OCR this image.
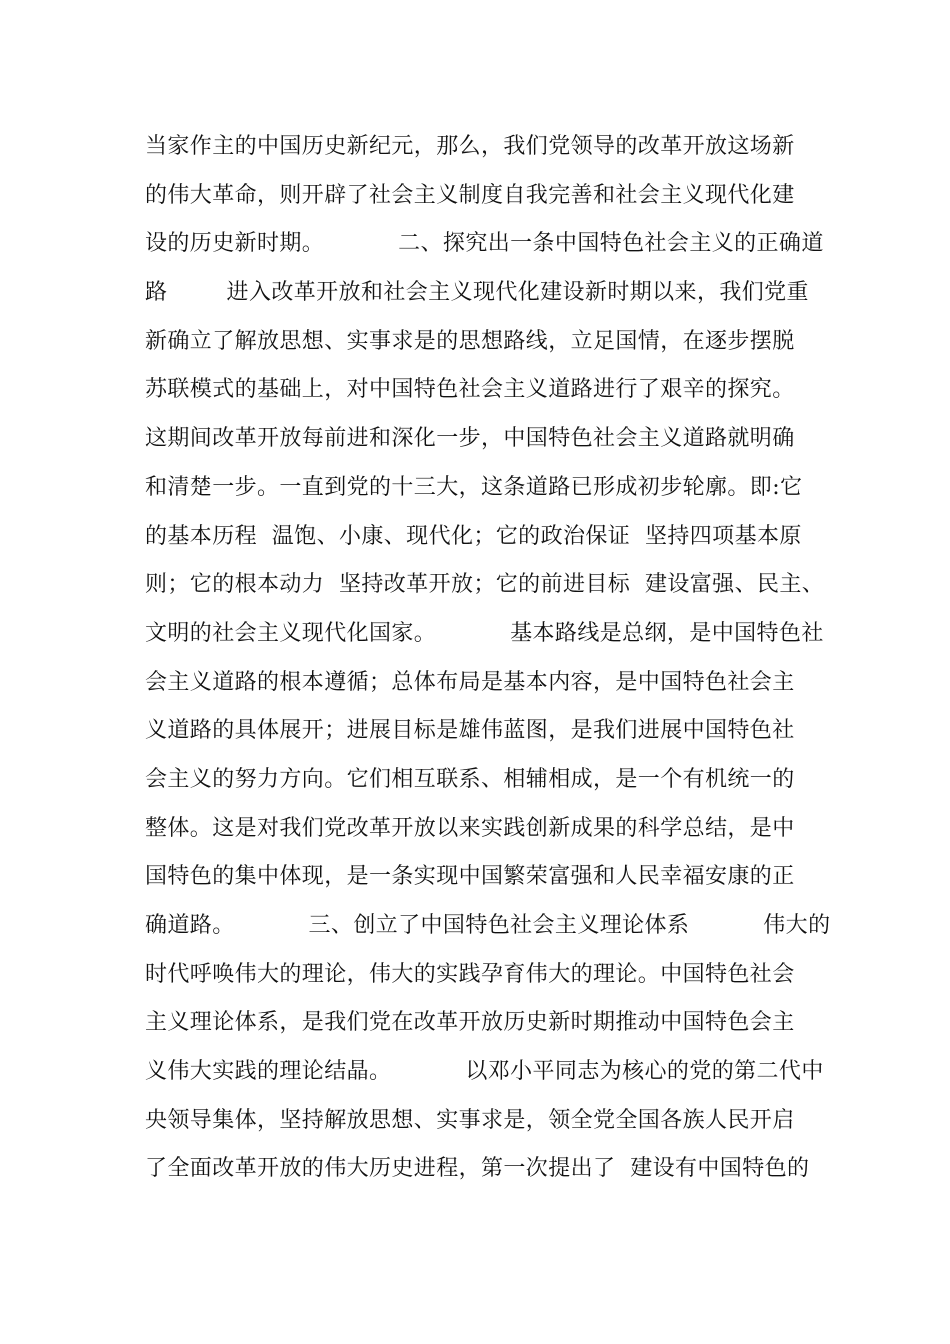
当家作主的中国历史新纪元，那么，我们党领导的改革开放这场新
的伟大革命，则开辟了社会主义制度自我完善和社会主义现代化建
设的历史新时期。          二、探究出一条中国特色社会主义的正确道
路        进入改革开放和社会主义现代化建设新时期以来，我们党重
新确立了解放思想、实事求是的思想路线，立足国情，在逐步摆脱
苏联模式的基础上，对中国特色社会主义道路进行了艰辛的探究。
这期间改革开放每前进和深化一步，中国特色社会主义道路就明确
和清楚一步。一直到党的十三大，这条道路已形成初步轮廓。即:它
的基本历程  温饱、小康、现代化；它的政治保证  坚持四项基本原
则；它的根本动力  坚持改革开放；它的前进目标  建设富强、民主、
文明的社会主义现代化国家。          基本路线是总纲，是中国特色社
会主义道路的根本遵循；总体布局是基本内容，是中国特色社会主
义道路的具体展开；进展目标是雄伟蓝图，是我们进展中国特色社
会主义的努力方向。它们相互联系、相辅相成，是一个有机统一的
整体。这是对我们党改革开放以来实践创新成果的科学总结，是中
国特色的集中体现，是一条实现中国繁荣富强和人民幸福安康的正
确道路。          三、创立了中国特色社会主义理论体系          伟大的
时代呼唤伟大的理论，伟大的实践孕育伟大的理论。中国特色社会
主义理论体系，是我们党在改革开放历史新时期推动中国特色会主
义伟大实践的理论结晶。          以邓小平同志为核心的党的第二代中
央领导集体，坚持解放思想、实事求是，领全党全国各族人民开启
了全面改革开放的伟大历史进程，第一次提出了  建设有中国特色的
